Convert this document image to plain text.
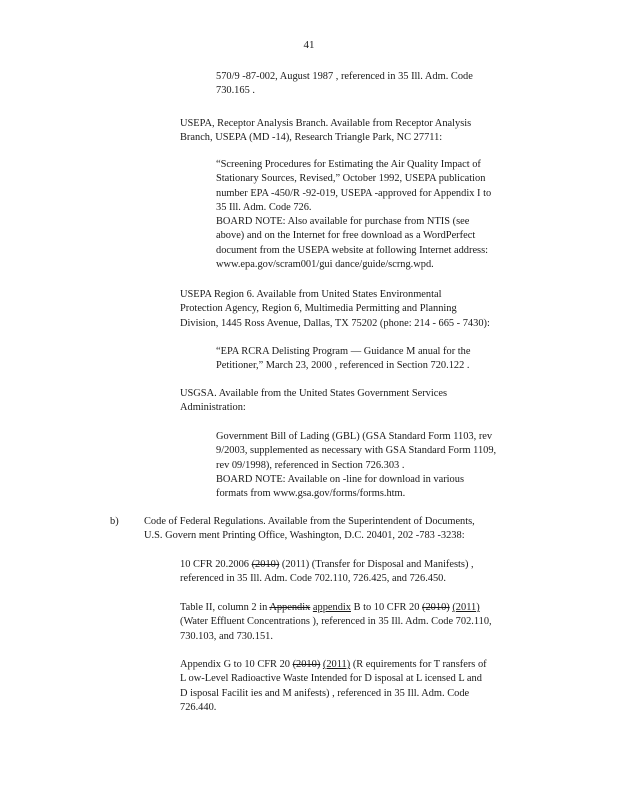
41
570/9 -87-002, August 1987 , referenced in 35 Ill. Adm. Code
730.165 .
USEPA, Receptor Analysis Branch. Available from Receptor Analysis
Branch, USEPA (MD -14), Research Triangle Park, NC 27711:
“Screening Procedures for Estimating the Air Quality Impact of
Stationary Sources, Revised,” October 1992, USEPA publication
number EPA -450/R -92-019, USEPA -approved for Appendix I to
35 Ill. Adm. Code 726.
BOARD NOTE: Also available for purchase from NTIS (see
above) and on the Internet for free download as a WordPerfect
document from the USEPA website at following Internet address:
www.epa.gov/scram001/gui dance/guide/scrng.wpd.
USEPA Region 6. Available from United States Environmental
Protection Agency, Region 6, Multimedia Permitting and Planning
Division, 1445 Ross Avenue, Dallas, TX 75202 (phone: 214 - 665 - 7430):
“EPA RCRA Delisting Program — Guidance M anual for the
Petitioner,” March 23, 2000 , referenced in Section 720.122 .
USGSA. Available from the United States Government Services
Administration:
Government Bill of Lading (GBL) (GSA Standard Form 1103, rev
9/2003, supplemented as necessary with GSA Standard Form 1109,
rev 09/1998), referenced in Section 726.303 .
BOARD NOTE: Available on -line for download in various
formats from www.gsa.gov/forms/forms.htm.
b) Code of Federal Regulations. Available from the Superintendent of Documents,
U.S. Govern ment Printing Office, Washington, D.C. 20401, 202 -783 -3238:
10 CFR 20.2006 (2010) (2011) (Transfer for Disposal and Manifests) ,
referenced in 35 Ill. Adm. Code 702.110, 726.425, and 726.450.
Table II, column 2 in Appendix appendix B to 10 CFR 20 (2010) (2011)
(Water Effluent Concentrations ), referenced in 35 Ill. Adm. Code 702.110,
730.103, and 730.151.
Appendix G to 10 CFR 20 (2010) (2011) (R equirements for T ransfers of
L ow-Level Radioactive Waste Intended for D isposal at L icensed L and
D isposal Facilit ies and M anifests) , referenced in 35 Ill. Adm. Code
726.440.
